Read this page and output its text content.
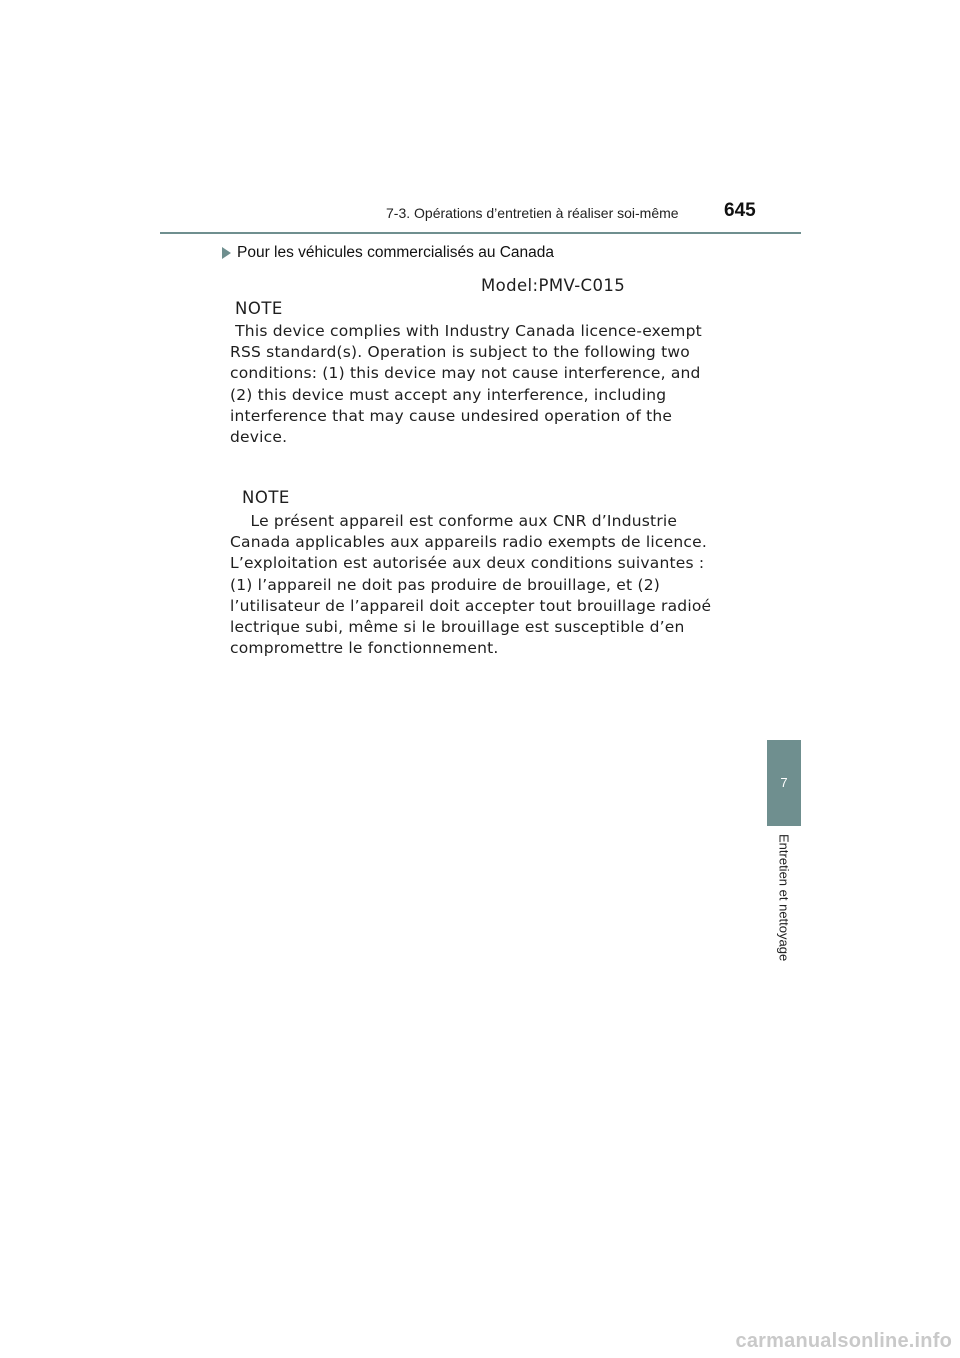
7-3. Opérations d’entretien à réaliser soi-même 645
Pour les véhicules commercialisés au Canada
Model:PMV-C015
NOTE

This device complies with Industry Canada licence-exempt
RSS standard(s). Operation is subject to the following two
conditions: (1) this device may not cause interference, and
(2) this device must accept any interference, including
interference that may cause undesired operation of the
device.

NOTE

Le présent appareil est conforme aux CNR d’Industrie
Canada applicables aux appareils radio exempts de licence.
L’exploitation est autorisée aux deux conditions suivantes :
(1) l’appareil ne doit pas produire de brouillage, et (2)
l’utilisateur de l’appareil doit accepter tout brouillage radioé
lectrique subi, même si le brouillage est susceptible d’en
compromettre le fonctionnement.

7
Entretien et nettoyage
carmanualsonline.info
